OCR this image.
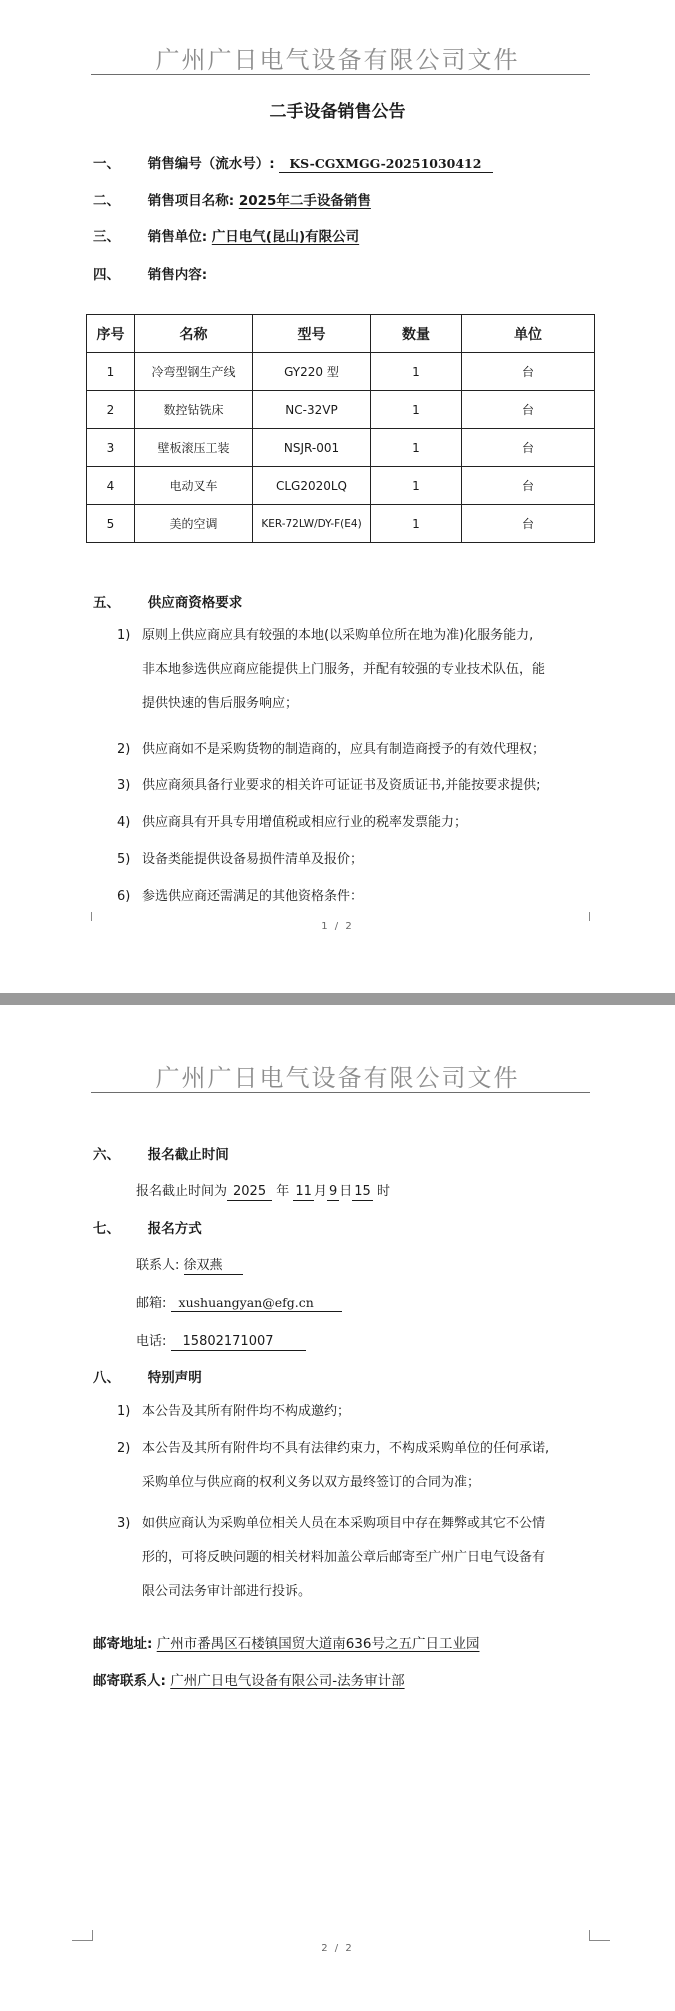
广州广日电气设备有限公司文件
二手设备销售公告
一、 销售编号（流水号）: KS-CGXMGG-20251030412
二、 销售项目名称: 2025年二手设备销售
三、 销售单位: 广日电气(昆山)有限公司
四、 销售内容:
序号	名称	型号	数量	单位
1	冷弯型钢生产线	GY220 型	1	台
2	数控钻铣床	NC-32VP	1	台
3	壁板滚压工装	NSJR-001	1	台
4	电动叉车	CLG2020LQ	1	台
5	美的空调	KER-72LW/DY-F(E4)	1	台
五、 供应商资格要求
1) 原则上供应商应具有较强的本地(以采购单位所在地为准)化服务能力,
非本地参选供应商应能提供上门服务，并配有较强的专业技术队伍，能
提供快速的售后服务响应；
2) 供应商如不是采购货物的制造商的，应具有制造商授予的有效代理权；
3) 供应商须具备行业要求的相关许可证证书及资质证书,并能按要求提供;
4) 供应商具有开具专用增值税或相应行业的税率发票能力；
5) 设备类能提供设备易损件清单及报价；
6) 参选供应商还需满足的其他资格条件：
1 / 2
广州广日电气设备有限公司文件
六、 报名截止时间
报名截止时间为 2025 年 11 月 9 日 15 时
七、 报名方式
联系人: 徐双燕
邮箱: xushuangyan@efg.cn
电话: 15802171007
八、 特别声明
1) 本公告及其所有附件均不构成邀约；
2) 本公告及其所有附件均不具有法律约束力，不构成采购单位的任何承诺,
采购单位与供应商的权利义务以双方最终签订的合同为准；
3) 如供应商认为采购单位相关人员在本采购项目中存在舞弊或其它不公情
形的，可将反映问题的相关材料加盖公章后邮寄至广州广日电气设备有
限公司法务审计部进行投诉。
邮寄地址: 广州市番禺区石楼镇国贸大道南636号之五广日工业园
邮寄联系人: 广州广日电气设备有限公司-法务审计部
2 / 2
